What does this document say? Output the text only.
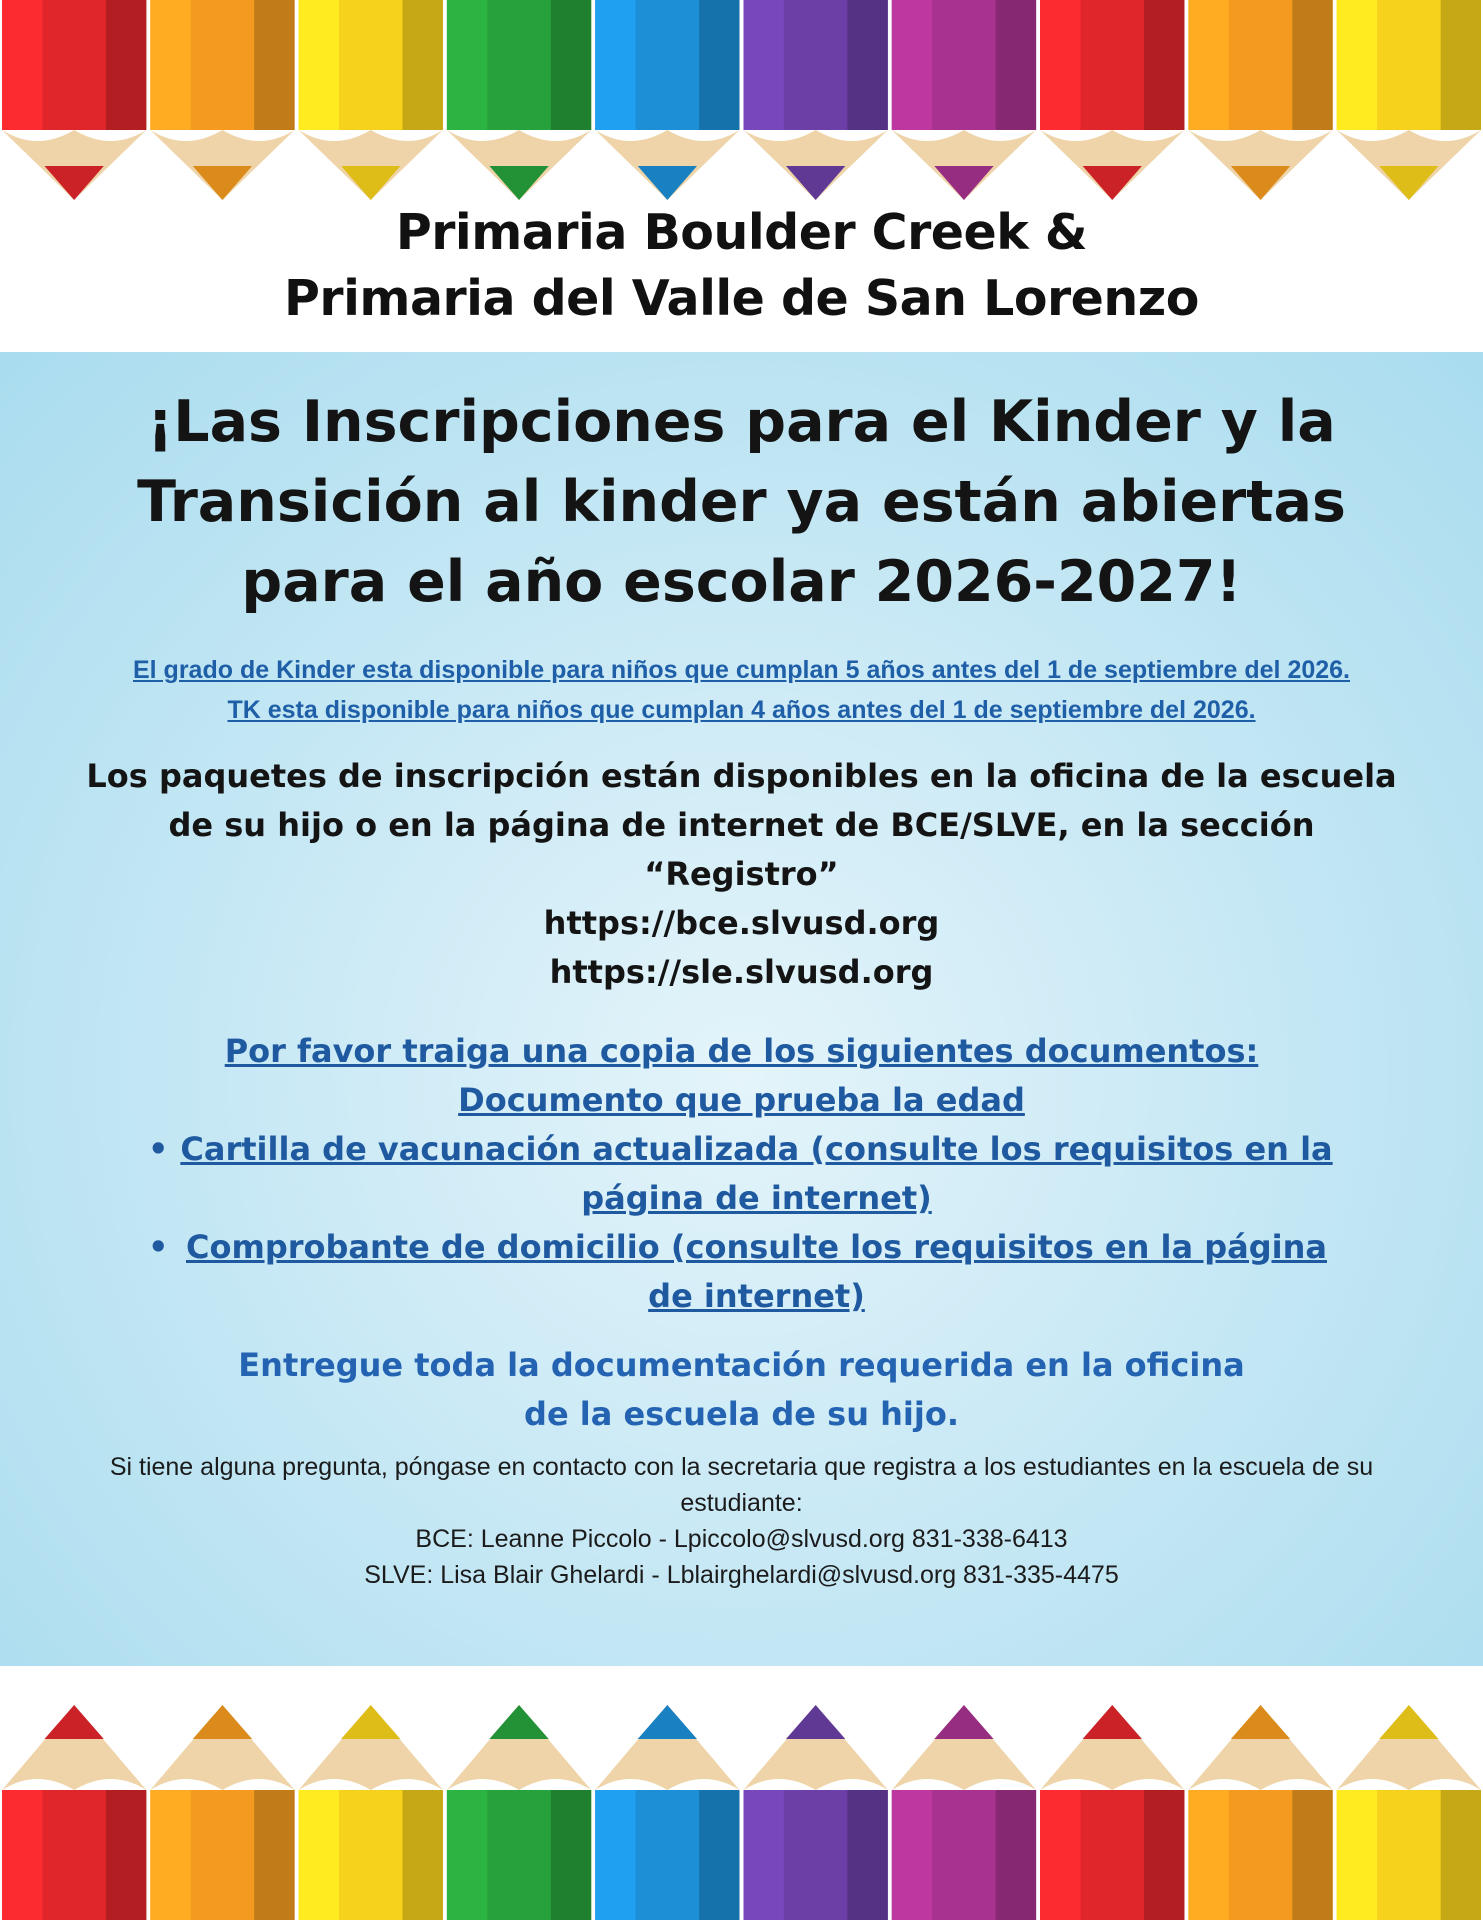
Primaria Boulder Creek &
Primaria del Valle de San Lorenzo
¡Las Inscripciones para el Kinder y la
Transición al kinder ya están abiertas
para el año escolar 2026-2027!
El grado de Kinder esta disponible para niños que cumplan 5 años antes del 1 de septiembre del 2026.
TK esta disponible para niños que cumplan 4 años antes del 1 de septiembre del 2026.
Los paquetes de inscripción están disponibles en la oficina de la escuela de su hijo o en la página de internet de BCE/SLVE, en la sección “Registro”
https://bce.slvusd.org
https://sle.slvusd.org
Por favor traiga una copia de los siguientes documentos:
Documento que prueba la edad
• Cartilla de vacunación actualizada (consulte los requisitos en la página de internet)
• Comprobante de domicilio (consulte los requisitos en la página de internet)
Entregue toda la documentación requerida en la oficina
de la escuela de su hijo.
Si tiene alguna pregunta, póngase en contacto con la secretaria que registra a los estudiantes en la escuela de su estudiante:
BCE: Leanne Piccolo - Lpiccolo@slvusd.org 831-338-6413
SLVE: Lisa Blair Ghelardi - Lblairghelardi@slvusd.org 831-335-4475
